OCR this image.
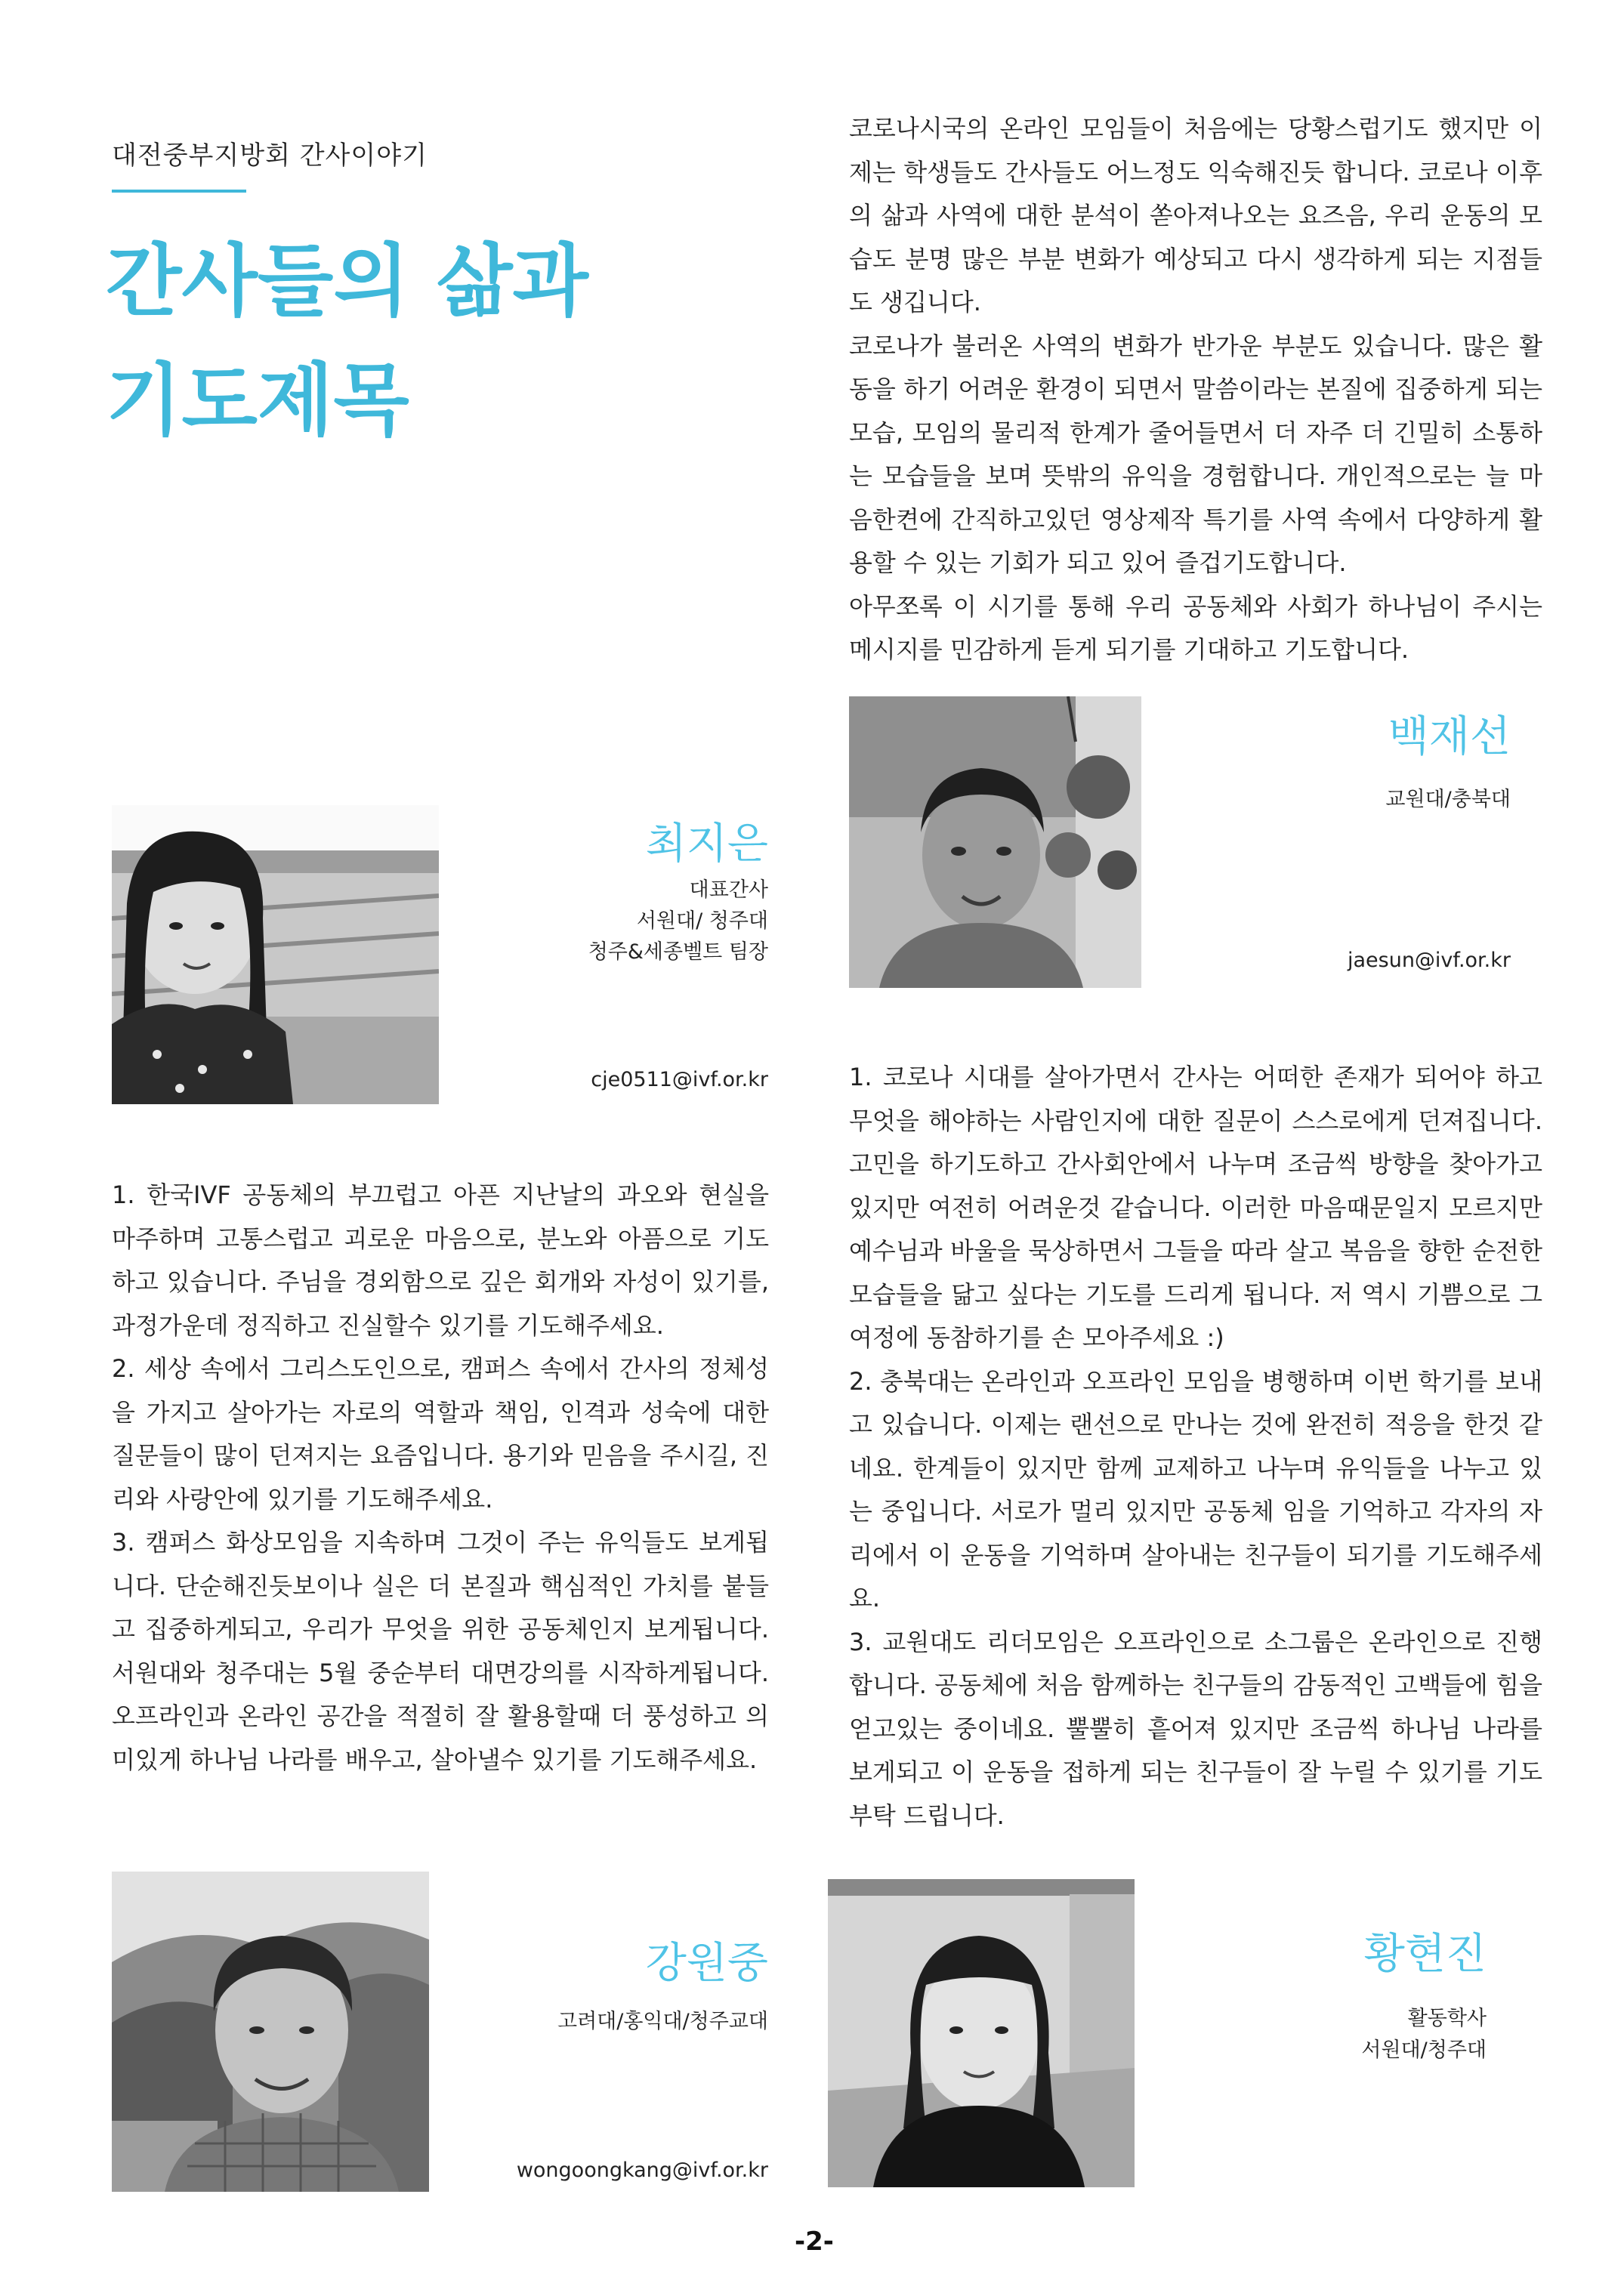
대전중부지방회 간사이야기
간사들의 삶과
기도제목

코로나시국의 온라인 모임들이 처음에는 당황스럽기도 했지만 이제는 학생들도 간사들도 어느정도 익숙해진듯 합니다. 코로나 이후의 삶과 사역에 대한 분석이 쏟아져나오는 요즈음, 우리 운동의 모습도 분명 많은 부분 변화가 예상되고 다시 생각하게 되는 지점들도 생깁니다.

코로나가 불러온 사역의 변화가 반가운 부분도 있습니다. 많은 활동을 하기 어려운 환경이 되면서 말씀이라는 본질에 집중하게 되는 모습, 모임의 물리적 한계가 줄어들면서 더 자주 더 긴밀히 소통하는 모습들을 보며 뜻밖의 유익을 경험합니다. 개인적으로는 늘 마음한켠에 간직하고있던 영상제작 특기를 사역 속에서 다양하게 활용할 수 있는 기회가 되고 있어 즐겁기도합니다.

아무쪼록 이 시기를 통해 우리 공동체와 사회가 하나님이 주시는 메시지를 민감하게 듣게 되기를 기대하고 기도합니다.

백재선
교원대/충북대
jaesun@ivf.or.kr
최지은
대표간사
서원대/ 청주대
청주&세종벨트 팀장
cje0511@ivf.or.kr	1. 코로나 시대를 살아가면서 간사는 어떠한 존재가 되어야 하고 무엇을 해야하는 사람인지에 대한 질문이 스스로에게 던져집니다. 고민을 하기도하고 간사회안에서 나누며 조금씩 방향을 찾아가고 있지만 여전히 어려운것 같습니다. 이러한 마음때문일지 모르지만 예수님과 바울을 묵상하면서 그들을 따라 살고 복음을 향한 순전한 모습들을 닮고 싶다는 기도를 드리게 됩니다. 저 역시 기쁨으로 그 여정에 동참하기를 손 모아주세요 :)

2. 충북대는 온라인과 오프라인 모임을 병행하며 이번 학기를 보내고 있습니다. 이제는 랜선으로 만나는 것에 완전히 적응을 한것 같네요. 한계들이 있지만 함께 교제하고 나누며 유익들을 나누고 있는 중입니다. 서로가 멀리 있지만 공동체 임을 기억하고 각자의 자리에서 이 운동을 기억하며 살아내는 친구들이 되기를 기도해주세요.

3. 교원대도 리더모임은 오프라인으로 소그룹은 온라인으로 진행합니다. 공동체에 처음 함께하는 친구들의 감동적인 고백들에 힘을 얻고있는 중이네요. 뿔뿔히 흩어져 있지만 조금씩 하나님 나라를 보게되고 이 운동을 접하게 되는 친구들이 잘 누릴 수 있기를 기도부탁 드립니다.

1. 한국IVF 공동체의 부끄럽고 아픈 지난날의 과오와 현실을 마주하며 고통스럽고 괴로운 마음으로, 분노와 아픔으로 기도하고 있습니다. 주님을 경외함으로 깊은 회개와 자성이 있기를, 과정가운데 정직하고 진실할수 있기를 기도해주세요.

2. 세상 속에서 그리스도인으로, 캠퍼스 속에서 간사의 정체성을 가지고 살아가는 자로의 역할과 책임, 인격과 성숙에 대한 질문들이 많이 던져지는 요즘입니다. 용기와 믿음을 주시길, 진리와 사랑안에 있기를 기도해주세요.

3. 캠퍼스 화상모임을 지속하며 그것이 주는 유익들도 보게됩니다. 단순해진듯보이나 실은 더 본질과 핵심적인 가치를 붙들고 집중하게되고, 우리가 무엇을 위한 공동체인지 보게됩니다. 서원대와 청주대는 5월 중순부터 대면강의를 시작하게됩니다. 오프라인과 온라인 공간을 적절히 잘 활용할때 더 풍성하고 의미있게 하나님 나라를 배우고, 살아낼수 있기를 기도해주세요.

강원중
고려대/홍익대/청주교대
wongoongkang@ivf.or.kr
황현진
활동학사
서원대/청주대
-2-
